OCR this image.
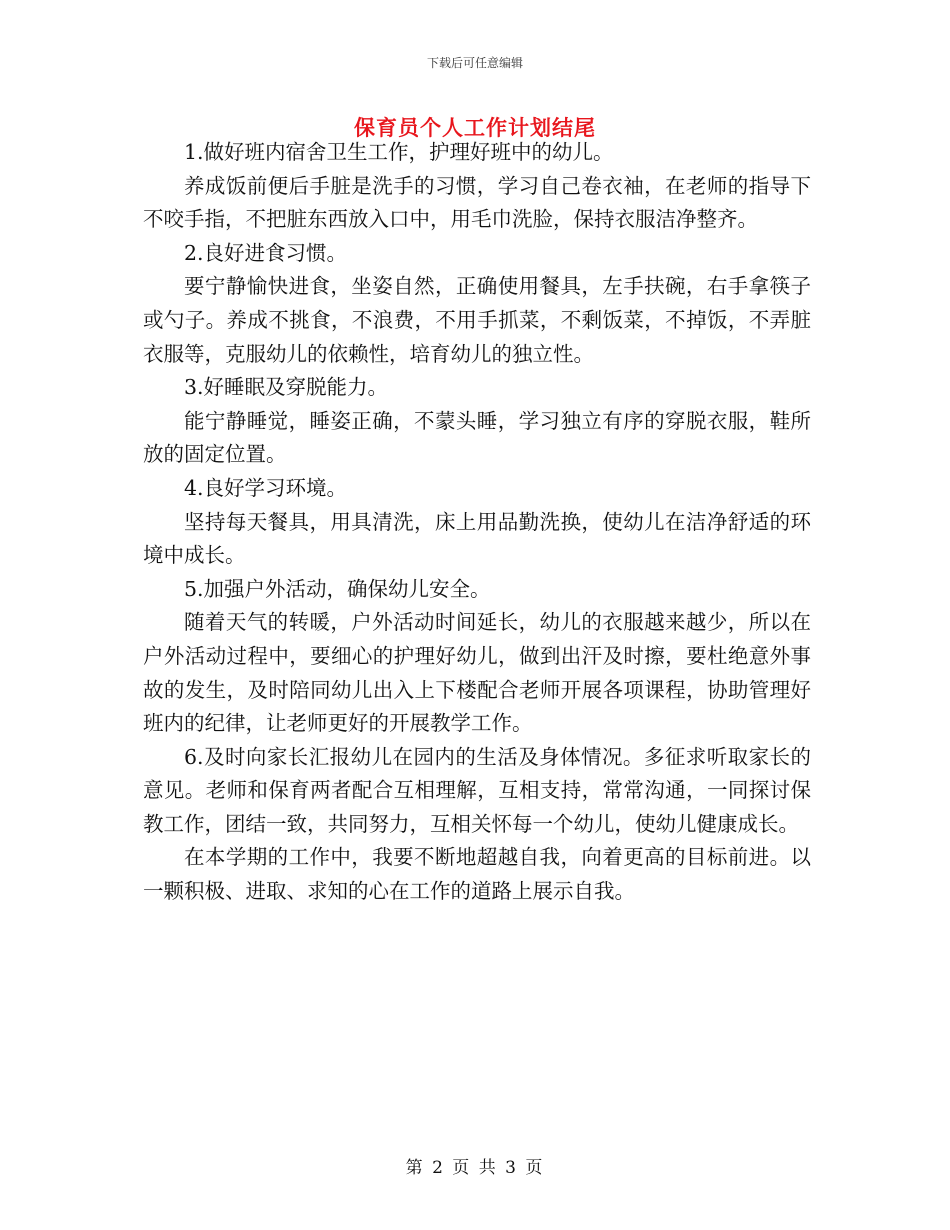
下载后可任意编辑
保育员个人工作计划结尾

1.做好班内宿舍卫生工作，护理好班中的幼儿。

养成饭前便后手脏是洗手的习惯，学习自己卷衣袖，在老师的指导下不咬手指，不把脏东西放入口中，用毛巾洗脸，保持衣服洁净整齐。

2.良好进食习惯。

要宁静愉快进食，坐姿自然，正确使用餐具，左手扶碗，右手拿筷子或勺子。养成不挑食，不浪费，不用手抓菜，不剩饭菜，不掉饭，不弄脏衣服等，克服幼儿的依赖性，培育幼儿的独立性。

3.好睡眠及穿脱能力。

能宁静睡觉，睡姿正确，不蒙头睡，学习独立有序的穿脱衣服，鞋所放的固定位置。

4.良好学习环境。

坚持每天餐具，用具清洗，床上用品勤洗换，使幼儿在洁净舒适的环境中成长。

5.加强户外活动，确保幼儿安全。

随着天气的转暖，户外活动时间延长，幼儿的衣服越来越少，所以在户外活动过程中，要细心的护理好幼儿，做到出汗及时擦，要杜绝意外事故的发生，及时陪同幼儿出入上下楼配合老师开展各项课程，协助管理好班内的纪律，让老师更好的开展教学工作。

6.及时向家长汇报幼儿在园内的生活及身体情况。多征求听取家长的意见。老师和保育两者配合互相理解，互相支持，常常沟通，一同探讨保教工作，团结一致，共同努力，互相关怀每一个幼儿，使幼儿健康成长。

在本学期的工作中，我要不断地超越自我，向着更高的目标前进。以一颗积极、进取、求知的心在工作的道路上展示自我。

第 2 页 共 3 页
